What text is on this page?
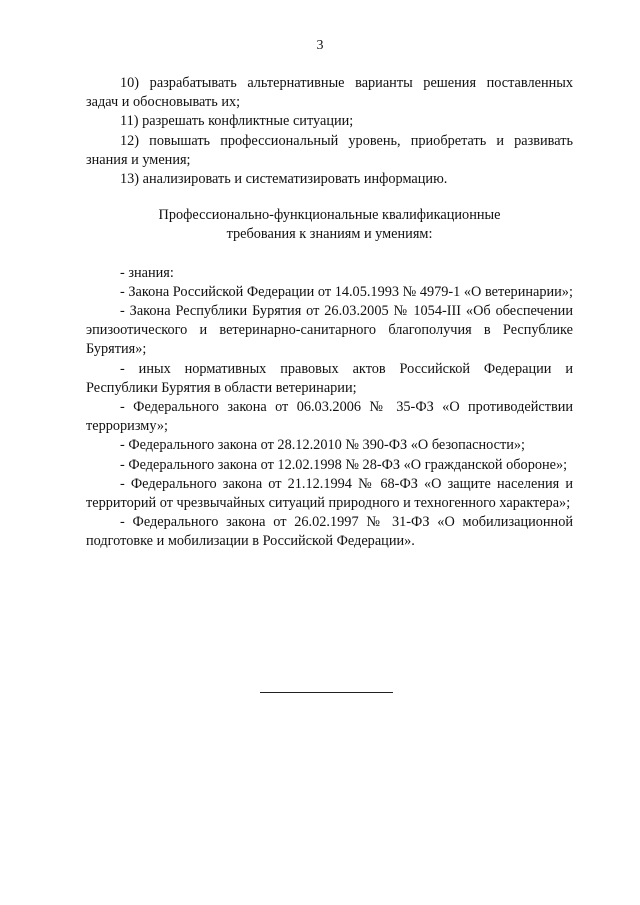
3

10) разрабатывать альтернативные варианты решения поставленных задач и обосновывать их;

11) разрешать конфликтные ситуации;

12) повышать профессиональный уровень, приобретать и развивать знания и умения;

13) анализировать и систематизировать информацию.

Профессионально-функциональные квалификационные
требования к знаниям и умениям:

- знания:

- Закона Российской Федерации от 14.05.1993 № 4979-1 «О ветеринарии»;

- Закона Республики Бурятия от 26.03.2005 № 1054-III «Об обеспечении эпизоотического и ветеринарно-санитарного благополучия в Республике Бурятия»;

- иных нормативных правовых актов Российской Федерации и Республики Бурятия в области ветеринарии;

- Федерального закона от 06.03.2006 № 35-ФЗ «О противодействии терроризму»;

- Федерального закона от 28.12.2010 № 390-ФЗ «О безопасности»;

- Федерального закона от 12.02.1998 № 28-ФЗ «О гражданской обороне»;

- Федерального закона от 21.12.1994 № 68-ФЗ «О защите населения и территорий от чрезвычайных ситуаций природного и техногенного характера»;

- Федерального закона от 26.02.1997 № 31-ФЗ «О мобилизационной подготовке и мобилизации в Российской Федерации».
